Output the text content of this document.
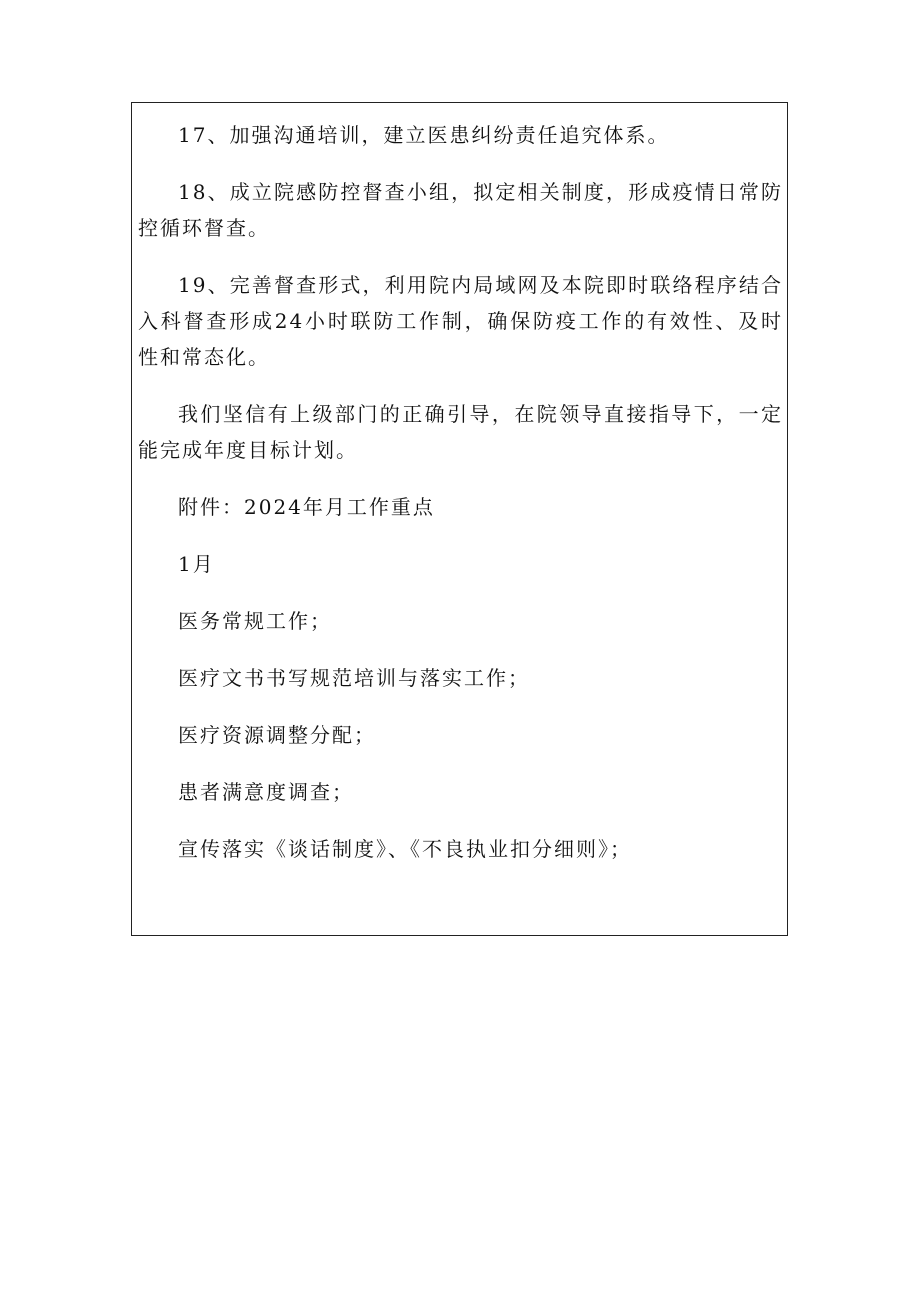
17、加强沟通培训，建立医患纠纷责任追究体系。

18、成立院感防控督查小组，拟定相关制度，形成疫情日常防控循环督查。

19、完善督查形式，利用院内局域网及本院即时联络程序结合入科督查形成24小时联防工作制，确保防疫工作的有效性、及时性和常态化。

我们坚信有上级部门的正确引导，在院领导直接指导下，一定能完成年度目标计划。

附件：2024年月工作重点

1月

医务常规工作；

医疗文书书写规范培训与落实工作；

医疗资源调整分配；

患者满意度调查；

宣传落实《谈话制度》、《不良执业扣分细则》；
